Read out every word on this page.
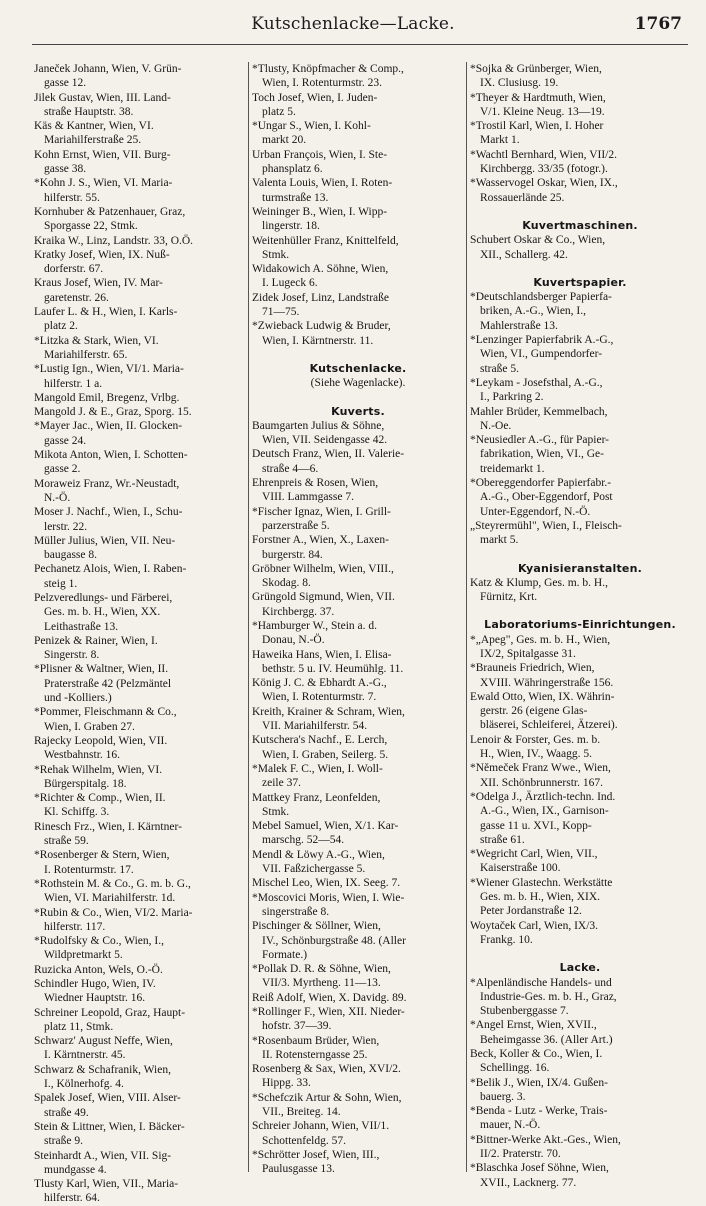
Kutschenlacke—Lacke.	1767
Janeček Johann, Wien, V. Grün-
gasse 12.
Jilek Gustav, Wien, III. Land-
straße Hauptstr. 38.
Käs & Kantner, Wien, VI.
Mariahilferstraße 25.
Kohn Ernst, Wien, VII. Burg-
gasse 38.
*Kohn J. S., Wien, VI. Maria-
hilferstr. 55.
Kornhuber & Patzenhauer, Graz,
Sporgasse 22, Stmk.
Kraika W., Linz, Landstr. 33, O.Ö.
Kratky Josef, Wien, IX. Nuß-
dorferstr. 67.
Kraus Josef, Wien, IV. Mar-
garetenstr. 26.
Laufer L. & H., Wien, I. Karls-
platz 2.
*Litzka & Stark, Wien, VI.
Mariahilferstr. 65.
*Lustig Ign., Wien, VI/1. Maria-
hilferstr. 1 a.
Mangold Emil, Bregenz, Vrlbg.
Mangold J. & E., Graz, Sporg. 15.
*Mayer Jac., Wien, II. Glocken-
gasse 24.
Mikota Anton, Wien, I. Schotten-
gasse 2.
Moraweiz Franz, Wr.-Neustadt,
N.-Ö.
Moser J. Nachf., Wien, I., Schu-
lerstr. 22.
Müller Julius, Wien, VII. Neu-
baugasse 8.
Pechanetz Alois, Wien, I. Raben-
steig 1.
Pelzveredlungs- und Färberei,
Ges. m. b. H., Wien, XX.
Leithastraße 13.
Penizek & Rainer, Wien, I.
Singerstr. 8.
*Plisner & Waltner, Wien, II.
Praterstraße 42 (Pelzmäntel
und -Kolliers.)
*Pommer, Fleischmann & Co.,
Wien, I. Graben 27.
Rajecky Leopold, Wien, VII.
Westbahnstr. 16.
*Rehak Wilhelm, Wien, VI.
Bürgerspitalg. 18.
*Richter & Comp., Wien, II.
Kl. Schiffg. 3.
Rinesch Frz., Wien, I. Kärntner-
straße 59.
*Rosenberger & Stern, Wien,
I. Rotenturmstr. 17.
*Rothstein M. & Co., G. m. b. G.,
Wien, VI. Mariahilferstr. 1d.
*Rubin & Co., Wien, VI/2. Maria-
hilferstr. 117.
*Rudolfsky & Co., Wien, I.,
Wildpretmarkt 5.
Ruzicka Anton, Wels, O.-Ö.
Schindler Hugo, Wien, IV.
Wiedner Hauptstr. 16.
Schreiner Leopold, Graz, Haupt-
platz 11, Stmk.
Schwarz' August Neffe, Wien,
I. Kärntnerstr. 45.
Schwarz & Schafranik, Wien,
I., Kölnerhofg. 4.
Spalek Josef, Wien, VIII. Alser-
straße 49.
Stein & Littner, Wien, I. Bäcker-
straße 9.
Steinhardt A., Wien, VII. Sig-
mundgasse 4.
Tlusty Karl, Wien, VII., Maria-
hilferstr. 64.
*Tlusty, Knöpfmacher & Comp.,
Wien, I. Rotenturmstr. 23.
Toch Josef, Wien, I. Juden-
platz 5.
*Ungar S., Wien, I. Kohl-
markt 20.
Urban François, Wien, I. Ste-
phansplatz 6.
Valenta Louis, Wien, I. Roten-
turmstraße 13.
Weininger B., Wien, I. Wipp-
lingerstr. 18.
Weitenhüller Franz, Knittelfeld,
Stmk.
Widakowich A. Söhne, Wien,
I. Lugeck 6.
Zidek Josef, Linz, Landstraße
71—75.
*Zwieback Ludwig & Bruder,
Wien, I. Kärntnerstr. 11.
Kutschenlacke.
(Siehe Wagenlacke).
Kuverts.
Baumgarten Julius & Söhne,
Wien, VII. Seidengasse 42.
Deutsch Franz, Wien, II. Valerie-
straße 4—6.
Ehrenpreis & Rosen, Wien,
VIII. Lammgasse 7.
*Fischer Ignaz, Wien, I. Grill-
parzerstraße 5.
Forstner A., Wien, X., Laxen-
burgerstr. 84.
Gröbner Wilhelm, Wien, VIII.,
Skodag. 8.
Grüngold Sigmund, Wien, VII.
Kirchbergg. 37.
*Hamburger W., Stein a. d.
Donau, N.-Ö.
Haweika Hans, Wien, I. Elisa-
bethstr. 5 u. IV. Heumühlg. 11.
König J. C. & Ebhardt A.-G.,
Wien, I. Rotenturmstr. 7.
Kreith, Krainer & Schram, Wien,
VII. Mariahilferstr. 54.
Kutschera's Nachf., E. Lerch,
Wien, I. Graben, Seilerg. 5.
*Malek F. C., Wien, I. Woll-
zeile 37.
Mattkey Franz, Leonfelden,
Stmk.
Mebel Samuel, Wien, X/1. Kar-
marschg. 52—54.
Mendl & Löwy A.-G., Wien,
VII. Faßzichergasse 5.
Mischel Leo, Wien, IX. Seeg. 7.
*Moscovici Moris, Wien, I. Wie-
singerstraße 8.
Pischinger & Söllner, Wien,
IV., Schönburgstraße 48. (Aller
Formate.)
*Pollak D. R. & Söhne, Wien,
VII/3. Myrtheng. 11—13.
Reiß Adolf, Wien, X. Davidg. 89.
*Rollinger F., Wien, XII. Nieder-
hofstr. 37—39.
*Rosenbaum Brüder, Wien,
II. Rotensterngasse 25.
Rosenberg & Sax, Wien, XVI/2.
Hippg. 33.
*Schefczik Artur & Sohn, Wien,
VII., Breiteg. 14.
Schreier Johann, Wien, VII/1.
Schottenfeldg. 57.
*Schrötter Josef, Wien, III.,
Paulusgasse 13.
*Sojka & Grünberger, Wien,
IX. Clusiusg. 19.
*Theyer & Hardtmuth, Wien,
V/1. Kleine Neug. 13—19.
*Trostil Karl, Wien, I. Hoher
Markt 1.
*Wachtl Bernhard, Wien, VII/2.
Kirchbergg. 33/35 (fotogr.).
*Wasservogel Oskar, Wien, IX.,
Rossauerlände 25.
Kuvertmaschinen.
Schubert Oskar & Co., Wien,
XII., Schallerg. 42.
Kuvertspapier.
*Deutschlandsberger Papierfa-
briken, A.-G., Wien, I.,
Mahlerstraße 13.
*Lenzinger Papierfabrik A.-G.,
Wien, VI., Gumpendorfer-
straße 5.
*Leykam - Josefsthal, A.-G.,
I., Parkring 2.
Mahler Brüder, Kemmelbach,
N.-Oe.
*Neusiedler A.-G., für Papier-
fabrikation, Wien, VI., Ge-
treidemarkt 1.
*Obereggendorfer Papierfabr.-
A.-G., Ober-Eggendorf, Post
Unter-Eggendorf, N.-Ö.
„Steyrermühl", Wien, I., Fleisch-
markt 5.
Kyanisieranstalten.
Katz & Klump, Ges. m. b. H.,
Fürnitz, Krt.
Laboratoriums-Einrichtungen.
*„Apeg", Ges. m. b. H., Wien,
IX/2, Spitalgasse 31.
*Brauneis Friedrich, Wien,
XVIII. Währingerstraße 156.
Ewald Otto, Wien, IX. Währin-
gerstr. 26 (eigene Glas-
bläserei, Schleiferei, Ätzerei).
Lenoir & Forster, Ges. m. b.
H., Wien, IV., Waagg. 5.
*Němeček Franz Wwe., Wien,
XII. Schönbrunnerstr. 167.
*Odelga J., Ärztlich-techn. Ind.
A.-G., Wien, IX., Garnison-
gasse 11 u. XVI., Kopp-
straße 61.
*Wegricht Carl, Wien, VII.,
Kaiserstraße 100.
*Wiener Glastechn. Werkstätte
Ges. m. b. H., Wien, XIX.
Peter Jordanstraße 12.
Woytaček Carl, Wien, IX/3.
Frankg. 10.
Lacke.
*Alpenländische Handels- und
Industrie-Ges. m. b. H., Graz,
Stubenberggasse 7.
*Angel Ernst, Wien, XVII.,
Beheimgasse 36. (Aller Art.)
Beck, Koller & Co., Wien, I.
Schellingg. 16.
*Belik J., Wien, IX/4. Gußen-
bauerg. 3.
*Benda - Lutz - Werke, Trais-
mauer, N.-Ö.
*Bittner-Werke Akt.-Ges., Wien,
II/2. Praterstr. 70.
*Blaschka Josef Söhne, Wien,
XVII., Lacknerg. 77.
